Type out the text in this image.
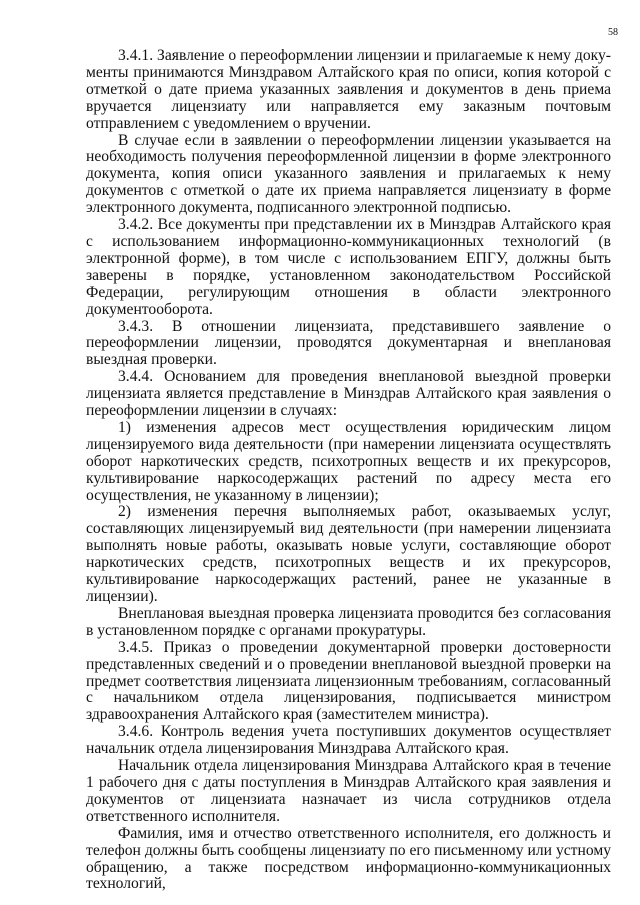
58

3.4.1. Заявление о переоформлении лицензии и прилагаемые к нему документы принимаются Минздравом Алтайского края по описи, копия которой с отметкой о дате приема указанных заявления и документов в день приема вручается лицензиату или направляется ему заказным почтовым отправлением с уведомлением о вручении.

В случае если в заявлении о переоформлении лицензии указывается на необходимость получения переоформленной лицензии в форме электронного документа, копия описи указанного заявления и прилагаемых к нему документов с отметкой о дате их приема направляется лицензиату в форме электронного документа, подписанного электронной подписью.

3.4.2. Все документы при представлении их в Минздрав Алтайского края с использованием информационно-коммуникационных технологий (в электронной форме), в том числе с использованием ЕПГУ, должны быть заверены в порядке, установленном законодательством Российской Федерации, регулирующим отношения в области электронного документооборота.

3.4.3. В отношении лицензиата, представившего заявление о переоформлении лицензии, проводятся документарная и внеплановая выездная проверки.

3.4.4. Основанием для проведения внеплановой выездной проверки лицензиата является представление в Минздрав Алтайского края заявления о переоформлении лицензии в случаях:

1) изменения адресов мест осуществления юридическим лицом лицензируемого вида деятельности (при намерении лицензиата осуществлять оборот наркотических средств, психотропных веществ и их прекурсоров, культивирование наркосодержащих растений по адресу места его осуществления, не указанному в лицензии);

2) изменения перечня выполняемых работ, оказываемых услуг, составляющих лицензируемый вид деятельности (при намерении лицензиата выполнять новые работы, оказывать новые услуги, составляющие оборот наркотических средств, психотропных веществ и их прекурсоров, культивирование наркосодержащих растений, ранее не указанные в лицензии).

Внеплановая выездная проверка лицензиата проводится без согласования в установленном порядке с органами прокуратуры.

3.4.5. Приказ о проведении документарной проверки достоверности представленных сведений и о проведении внеплановой выездной проверки на предмет соответствия лицензиата лицензионным требованиям, согласованный с начальником отдела лицензирования, подписывается министром здравоохранения Алтайского края (заместителем министра).

3.4.6. Контроль ведения учета поступивших документов осуществляет начальник отдела лицензирования Минздрава Алтайского края.

Начальник отдела лицензирования Минздрава Алтайского края в течение 1 рабочего дня с даты поступления в Минздрав Алтайского края заявления и документов от лицензиата назначает из числа сотрудников отдела ответственного исполнителя.

Фамилия, имя и отчество ответственного исполнителя, его должность и телефон должны быть сообщены лицензиату по его письменному или устному обращению, а также посредством информационно-коммуникационных технологий,
